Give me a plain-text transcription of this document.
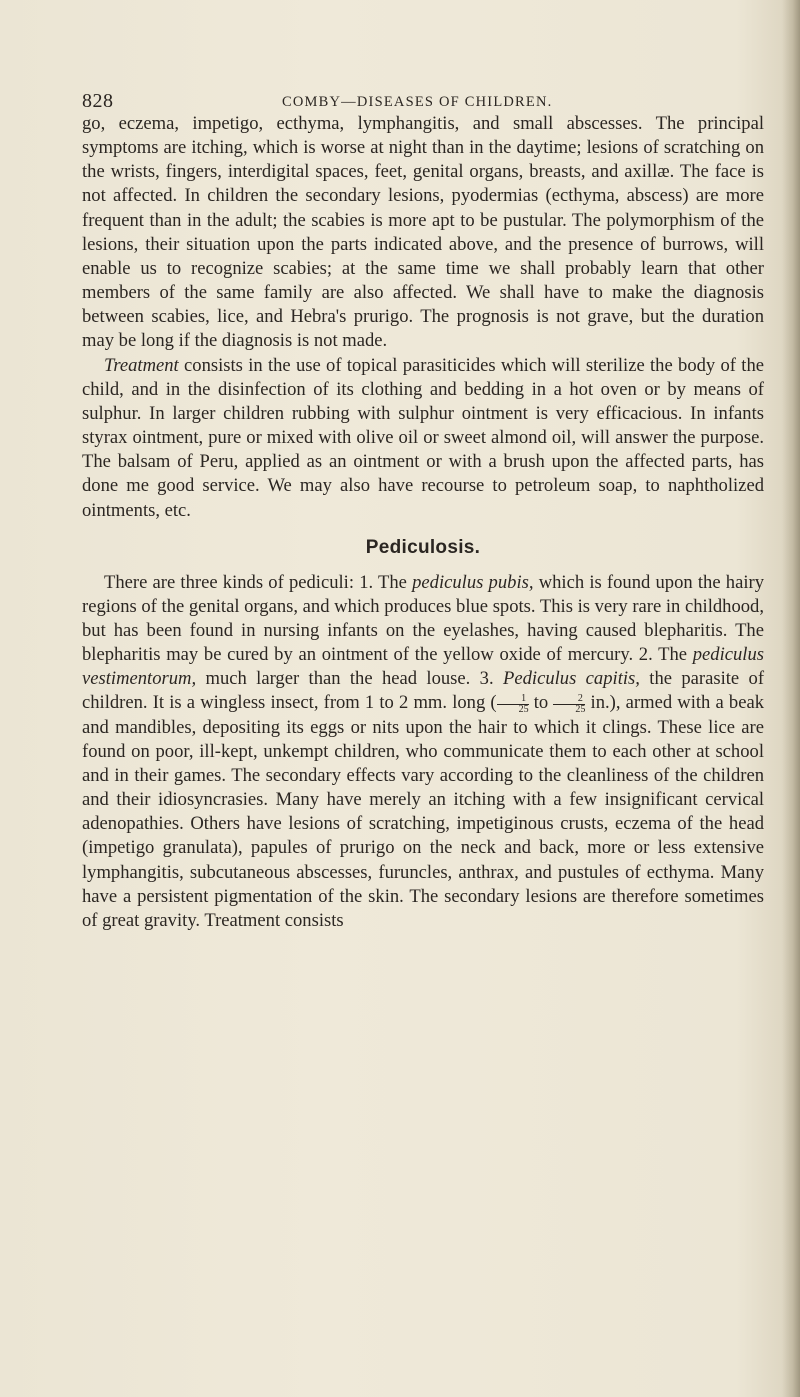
828	COMBY—DISEASES OF CHILDREN.

go, eczema, impetigo, ecthyma, lymphangitis, and small abscesses. The principal symptoms are itching, which is worse at night than in the daytime; lesions of scratching on the wrists, fingers, interdigital spaces, feet, genital organs, breasts, and axillæ. The face is not affected. In children the secondary lesions, pyodermias (ecthyma, abscess) are more frequent than in the adult; the scabies is more apt to be pustular. The polymorphism of the lesions, their situation upon the parts indicated above, and the presence of burrows, will enable us to recognize scabies; at the same time we shall probably learn that other members of the same family are also affected. We shall have to make the diagnosis between scabies, lice, and Hebra's prurigo. The prognosis is not grave, but the duration may be long if the diagnosis is not made.

Treatment consists in the use of topical parasiticides which will sterilize the body of the child, and in the disinfection of its clothing and bedding in a hot oven or by means of sulphur. In larger children rubbing with sulphur ointment is very efficacious. In infants styrax ointment, pure or mixed with olive oil or sweet almond oil, will answer the purpose. The balsam of Peru, applied as an ointment or with a brush upon the affected parts, has done me good service. We may also have recourse to petroleum soap, to naphtholized ointments, etc.

Pediculosis.

There are three kinds of pediculi: 1. The pediculus pubis, which is found upon the hairy regions of the genital organs, and which produces blue spots. This is very rare in childhood, but has been found in nursing infants on the eyelashes, having caused blepharitis. The blepharitis may be cured by an ointment of the yellow oxide of mercury. 2. The pediculus vestimentorum, much larger than the head louse. 3. Pediculus capitis, the parasite of children. It is a wingless insect, from 1 to 2 mm. long ( $\frac{1}{25}$ to $\frac{2}{25} in$.), armed with a beak and mandibles, depositing its eggs or nits upon the hair to which it clings. These lice are found on poor, ill-kept, unkempt children, who communicate them to each other at school and in their games. The secondary effects vary according to the cleanliness of the children and their idiosyncrasies. Many have merely an itching with a few insignificant cervical adenopathies. Others have lesions of scratching, impetiginous crusts, eczema of the head (impetigo granulata), papules of prurigo on the neck and back, more or less extensive lymphangitis, subcutaneous abscesses, furuncles, anthrax, and pustules of ecthyma. Many have a persistent pigmentation of the skin. The secondary lesions are therefore sometimes of great gravity. Treatment consists
